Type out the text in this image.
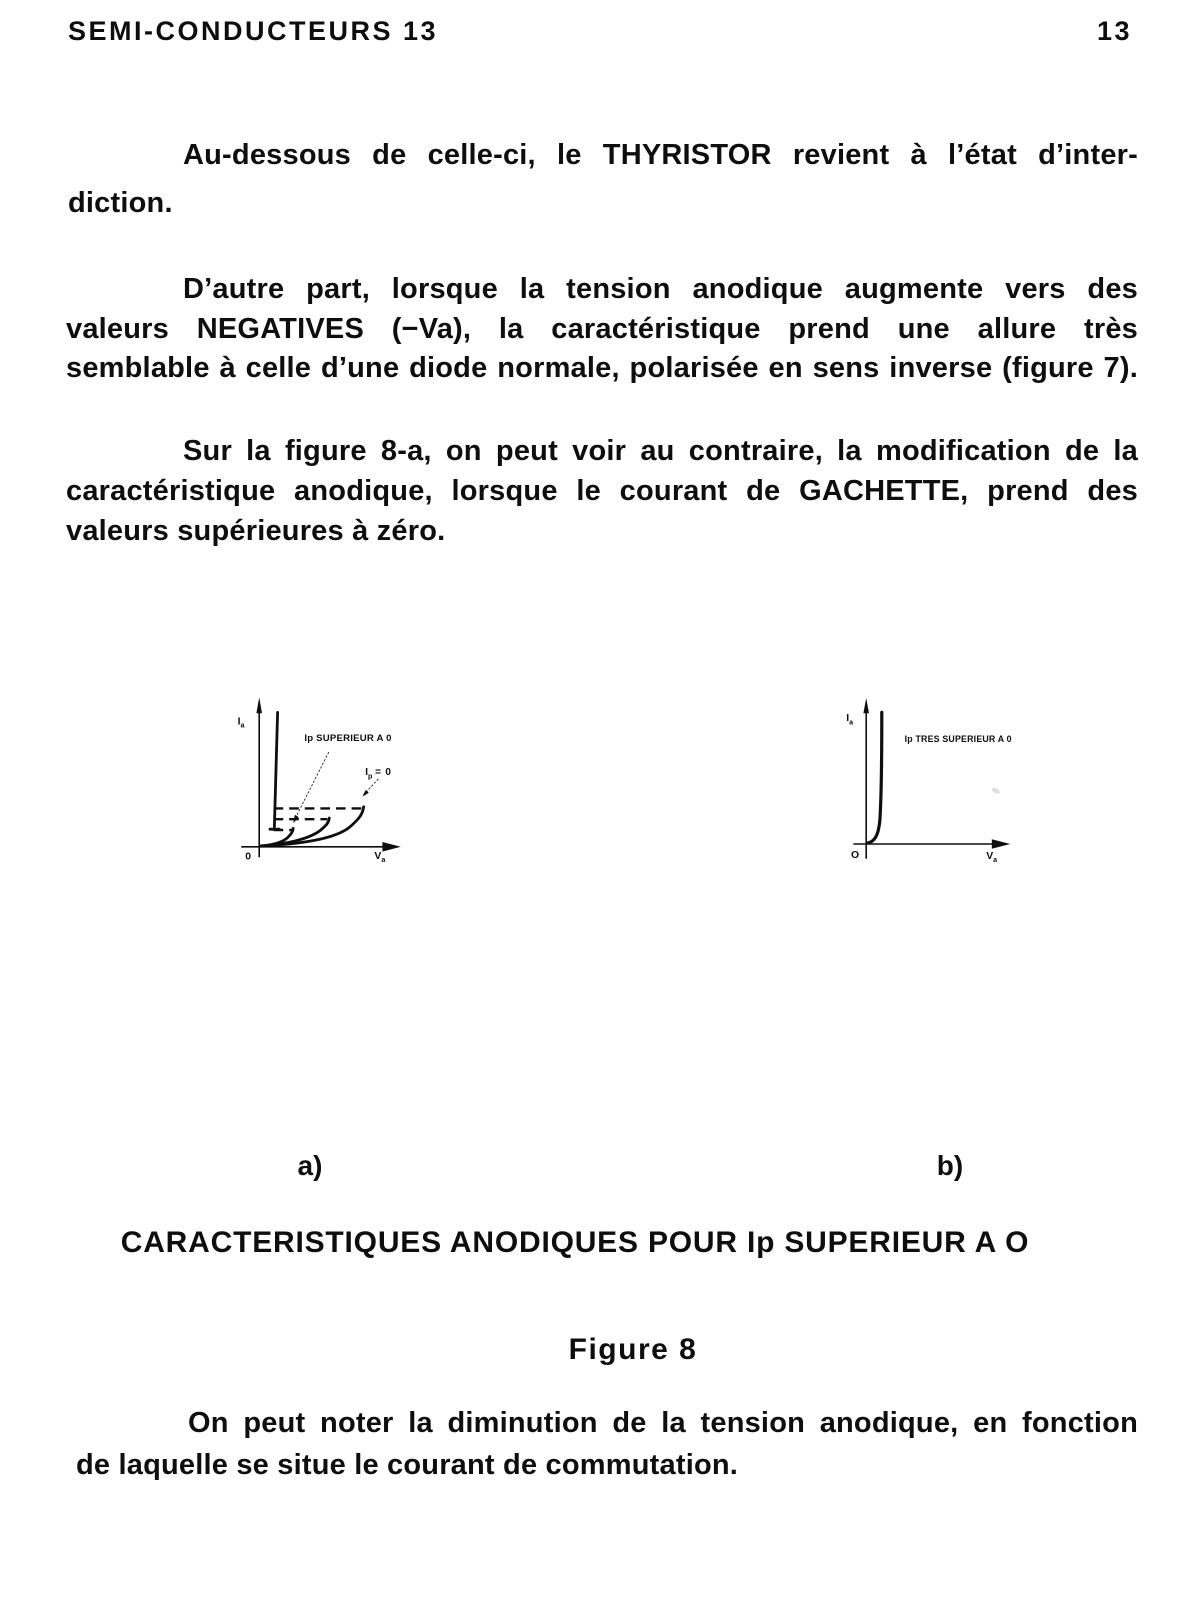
SEMI-CONDUCTEURS 13	13
Au-dessous de celle-ci, le THYRISTOR revient à l’état d’inter-
diction.
D’autre part, lorsque la tension anodique augmente vers des
valeurs NEGATIVES (−Va), la caractéristique prend une allure très
semblable à celle d’une diode normale, polarisée en sens inverse (figure 7).
Sur la figure 8-a, on peut voir au contraire, la modification de la
caractéristique anodique, lorsque le courant de GACHETTE, prend des
valeurs supérieures à zéro.
$I_a$
0	$V_a$
Ip SUPERIEUR A 0
$I_p = 0$
$I_a$
O	$V_a$
Ip TRES SUPERIEUR A 0
a)	b)
CARACTERISTIQUES ANODIQUES POUR Ip SUPERIEUR A O
Figure 8
On peut noter la diminution de la tension anodique, en fonction
de laquelle se situe le courant de commutation.
